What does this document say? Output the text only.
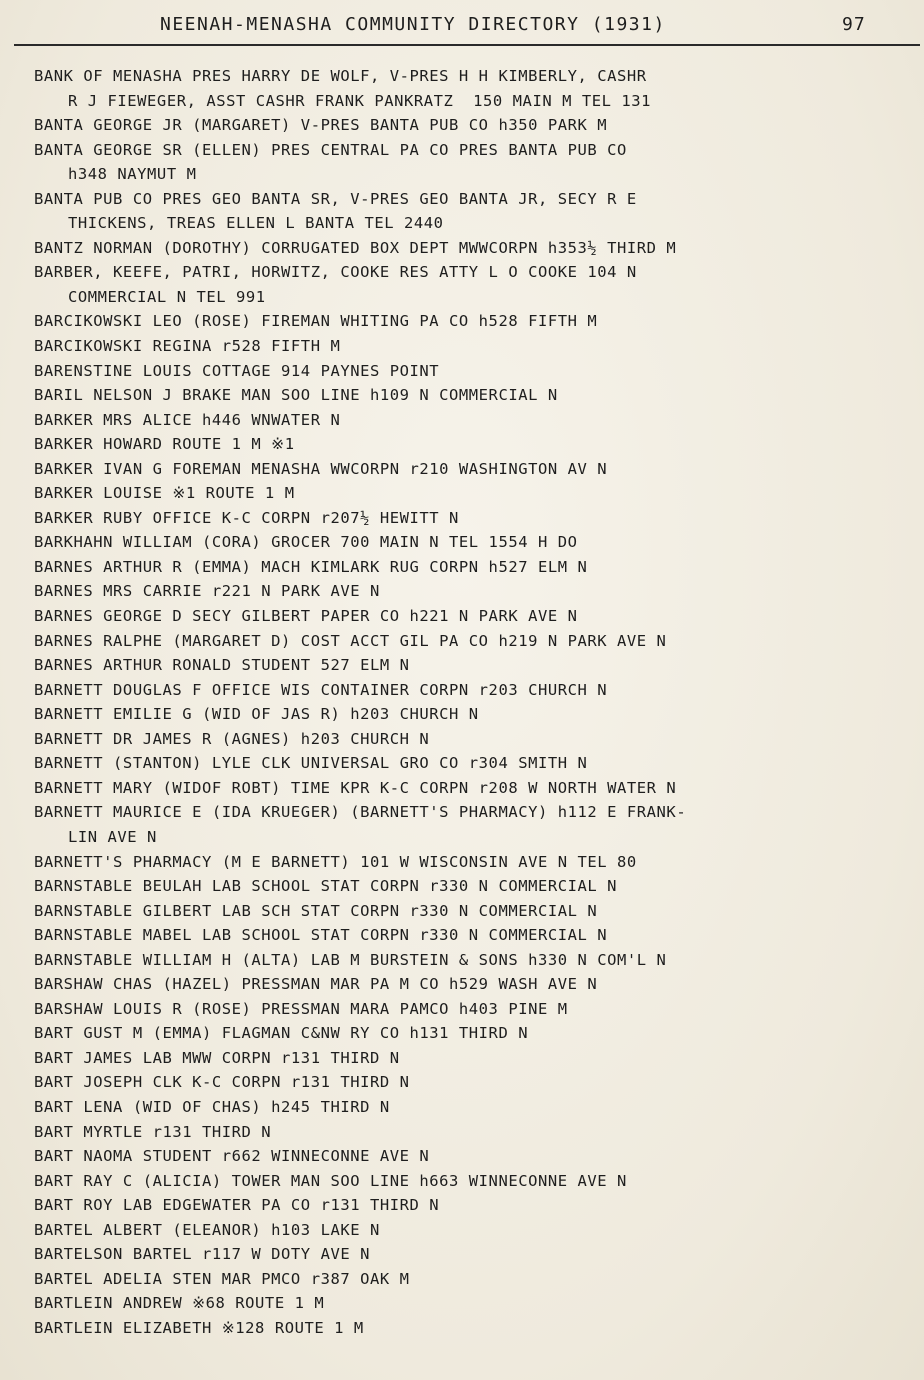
NEENAH-MENASHA COMMUNITY DIRECTORY (1931)	97
BANK OF MENASHA PRES HARRY DE WOLF, V-PRES H H KIMBERLY, CASHR
R J FIEWEGER, ASST CASHR FRANK PANKRATZ  150 MAIN M TEL 131
BANTA GEORGE JR (MARGARET) V-PRES BANTA PUB CO h350 PARK M
BANTA GEORGE SR (ELLEN) PRES CENTRAL PA CO PRES BANTA PUB CO
h348 NAYMUT M
BANTA PUB CO PRES GEO BANTA SR, V-PRES GEO BANTA JR, SECY R E
THICKENS, TREAS ELLEN L BANTA TEL 2440
BANTZ NORMAN (DOROTHY) CORRUGATED BOX DEPT MWWCORPN h353½ THIRD M
BARBER, KEEFE, PATRI, HORWITZ, COOKE RES ATTY L O COOKE 104 N
COMMERCIAL N TEL 991
BARCIKOWSKI LEO (ROSE) FIREMAN WHITING PA CO h528 FIFTH M
BARCIKOWSKI REGINA r528 FIFTH M
BARENSTINE LOUIS COTTAGE 914 PAYNES POINT
BARIL NELSON J BRAKE MAN SOO LINE h109 N COMMERCIAL N
BARKER MRS ALICE h446 WNWATER N
BARKER HOWARD ROUTE 1 M ※1
BARKER IVAN G FOREMAN MENASHA WWCORPN r210 WASHINGTON AV N
BARKER LOUISE ※1 ROUTE 1 M
BARKER RUBY OFFICE K-C CORPN r207½ HEWITT N
BARKHAHN WILLIAM (CORA) GROCER 700 MAIN N TEL 1554 H DO
BARNES ARTHUR R (EMMA) MACH KIMLARK RUG CORPN h527 ELM N
BARNES MRS CARRIE r221 N PARK AVE N
BARNES GEORGE D SECY GILBERT PAPER CO h221 N PARK AVE N
BARNES RALPHE (MARGARET D) COST ACCT GIL PA CO h219 N PARK AVE N
BARNES ARTHUR RONALD STUDENT 527 ELM N
BARNETT DOUGLAS F OFFICE WIS CONTAINER CORPN r203 CHURCH N
BARNETT EMILIE G (WID OF JAS R) h203 CHURCH N
BARNETT DR JAMES R (AGNES) h203 CHURCH N
BARNETT (STANTON) LYLE CLK UNIVERSAL GRO CO r304 SMITH N
BARNETT MARY (WIDOF ROBT) TIME KPR K-C CORPN r208 W NORTH WATER N
BARNETT MAURICE E (IDA KRUEGER) (BARNETT'S PHARMACY) h112 E FRANK-
LIN AVE N
BARNETT'S PHARMACY (M E BARNETT) 101 W WISCONSIN AVE N TEL 80
BARNSTABLE BEULAH LAB SCHOOL STAT CORPN r330 N COMMERCIAL N
BARNSTABLE GILBERT LAB SCH STAT CORPN r330 N COMMERCIAL N
BARNSTABLE MABEL LAB SCHOOL STAT CORPN r330 N COMMERCIAL N
BARNSTABLE WILLIAM H (ALTA) LAB M BURSTEIN & SONS h330 N COM'L N
BARSHAW CHAS (HAZEL) PRESSMAN MAR PA M CO h529 WASH AVE N
BARSHAW LOUIS R (ROSE) PRESSMAN MARA PAMCO h403 PINE M
BART GUST M (EMMA) FLAGMAN C&NW RY CO h131 THIRD N
BART JAMES LAB MWW CORPN r131 THIRD N
BART JOSEPH CLK K-C CORPN r131 THIRD N
BART LENA (WID OF CHAS) h245 THIRD N
BART MYRTLE r131 THIRD N
BART NAOMA STUDENT r662 WINNECONNE AVE N
BART RAY C (ALICIA) TOWER MAN SOO LINE h663 WINNECONNE AVE N
BART ROY LAB EDGEWATER PA CO r131 THIRD N
BARTEL ALBERT (ELEANOR) h103 LAKE N
BARTELSON BARTEL r117 W DOTY AVE N
BARTEL ADELIA STEN MAR PMCO r387 OAK M
BARTLEIN ANDREW ※68 ROUTE 1 M
BARTLEIN ELIZABETH ※128 ROUTE 1 M
